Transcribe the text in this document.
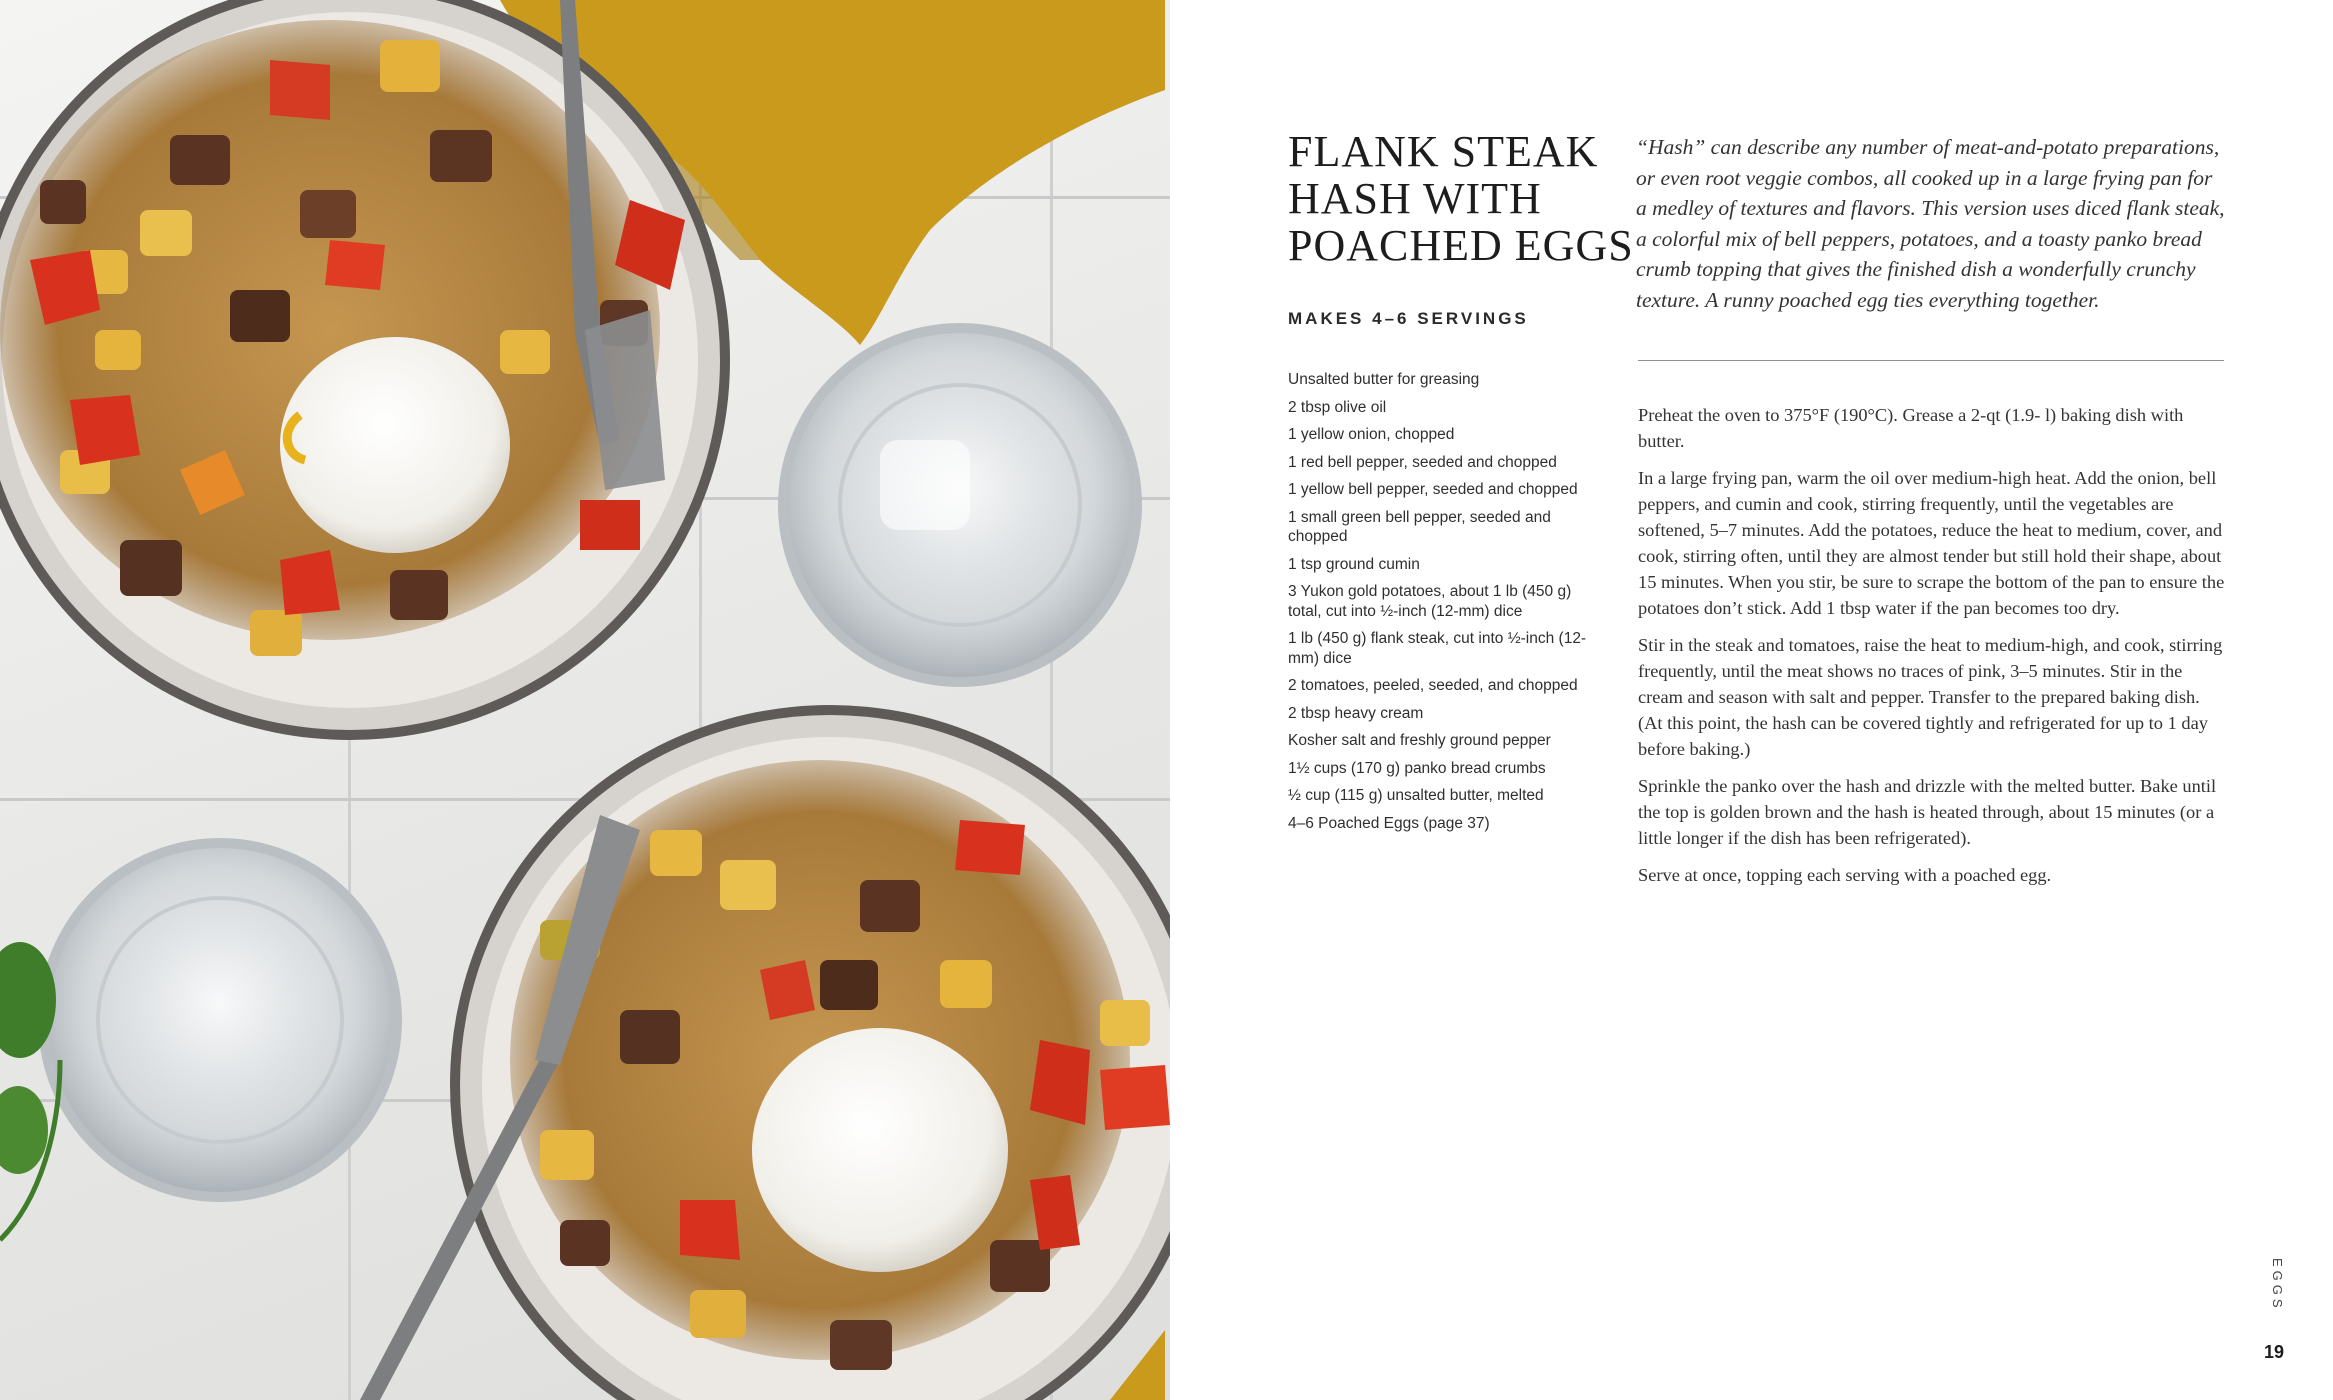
FLANK STEAK HASH WITH POACHED EGGS
MAKES 4–6 SERVINGS
Unsalted butter for greasing
2 tbsp olive oil
1 yellow onion, chopped
1 red bell pepper, seeded and chopped
1 yellow bell pepper, seeded and chopped
1 small green bell pepper, seeded and chopped
1 tsp ground cumin
3 Yukon gold potatoes, about 1 lb (450 g) total, cut into ½-inch (12-mm) dice
1 lb (450 g) flank steak, cut into ½-inch (12-mm) dice
2 tomatoes, peeled, seeded, and chopped
2 tbsp heavy cream
Kosher salt and freshly ground pepper
1½ cups (170 g) panko bread crumbs
½ cup (115 g) unsalted butter, melted
4–6 Poached Eggs (page 37)

“Hash” can describe any number of meat-and-potato preparations, or even root veggie combos, all cooked up in a large frying pan for a medley of textures and flavors. This version uses diced flank steak, a colorful mix of bell peppers, potatoes, and a toasty panko bread crumb topping that gives the finished dish a wonderfully crunchy texture. A runny poached egg ties everything together.

Preheat the oven to 375°F (190°C). Grease a 2-qt (1.9- l) baking dish with butter.

In a large frying pan, warm the oil over medium-high heat. Add the onion, bell peppers, and cumin and cook, stirring frequently, until the vegetables are softened, 5–7 minutes. Add the potatoes, reduce the heat to medium, cover, and cook, stirring often, until they are almost tender but still hold their shape, about 15 minutes. When you stir, be sure to scrape the bottom of the pan to ensure the potatoes don’t stick. Add 1 tbsp water if the pan becomes too dry.

Stir in the steak and tomatoes, raise the heat to medium-high, and cook, stirring frequently, until the meat shows no traces of pink, 3–5 minutes. Stir in the cream and season with salt and pepper. Transfer to the prepared baking dish. (At this point, the hash can be covered tightly and refrigerated for up to 1 day before baking.)

Sprinkle the panko over the hash and drizzle with the melted butter. Bake until the top is golden brown and the hash is heated through, about 15 minutes (or a little longer if the dish has been refrigerated).

Serve at once, topping each serving with a poached egg.

EGGS
19
